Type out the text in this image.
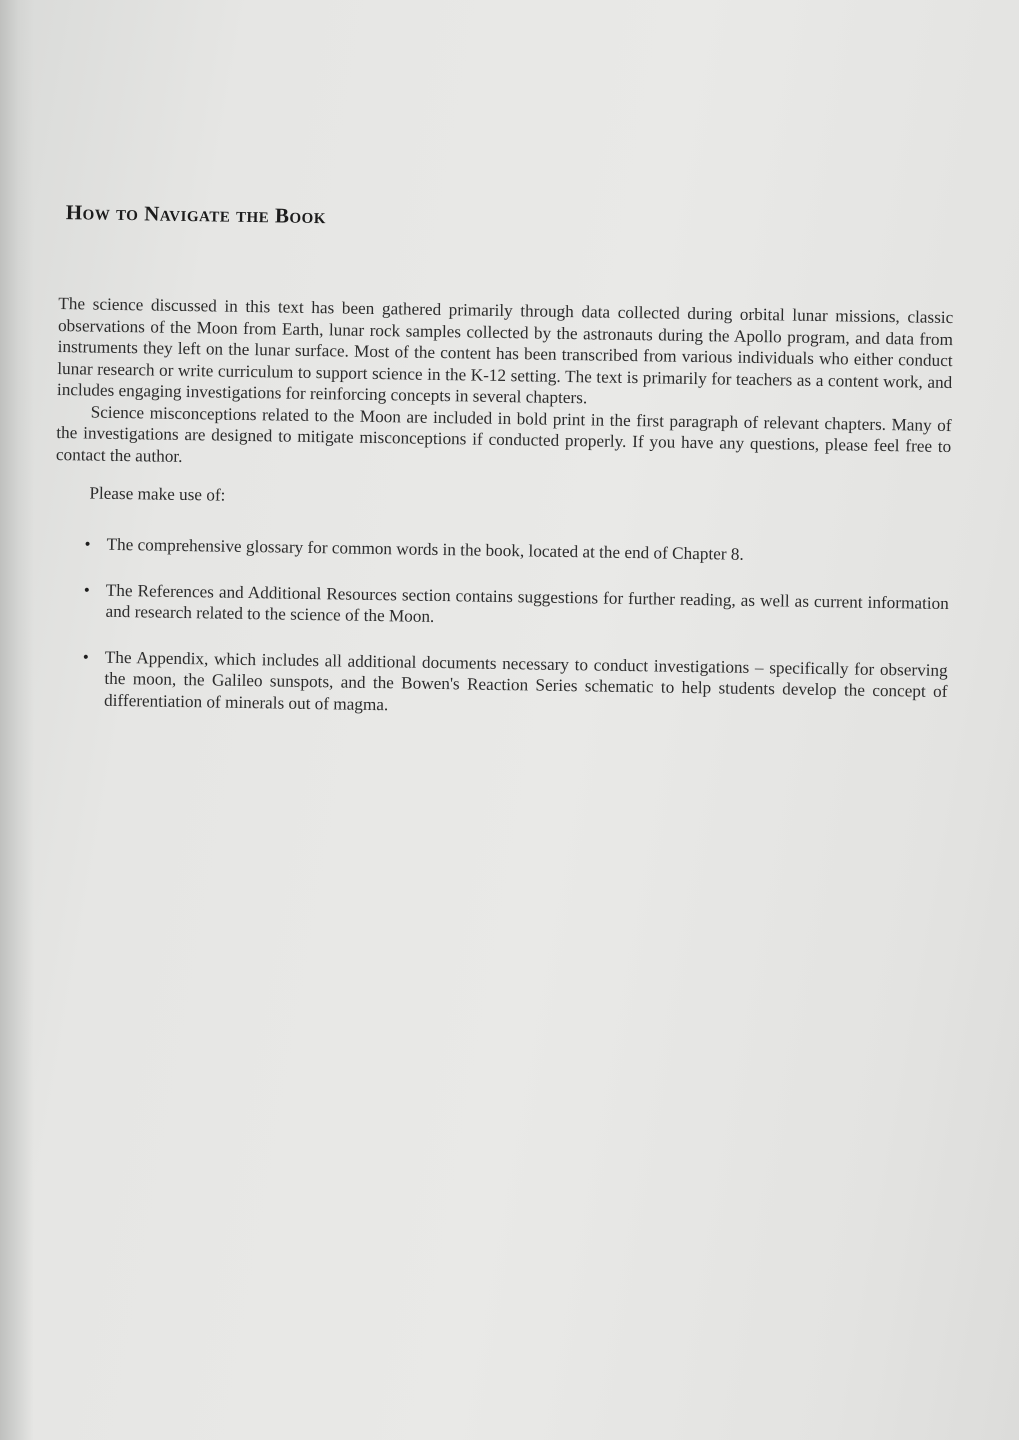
How to Navigate the Book

The science discussed in this text has been gathered primarily through data collected during orbital lunar missions, classic observations of the Moon from Earth, lunar rock samples collected by the astronauts during the Apollo program, and data from instruments they left on the lunar surface. Most of the content has been transcribed from various individuals who either conduct lunar research or write curriculum to support science in the K-12 setting. The text is primarily for teachers as a content work, and includes engaging investigations for reinforcing concepts in several chapters.

Science misconceptions related to the Moon are included in bold print in the first paragraph of relevant chapters. Many of the investigations are designed to mitigate misconceptions if conducted properly. If you have any questions, please feel free to contact the author.

Please make use of:

• The comprehensive glossary for common words in the book, located at the end of Chapter 8.
• The References and Additional Resources section contains suggestions for further reading, as well as current information and research related to the science of the Moon.
• The Appendix, which includes all additional documents necessary to conduct investigations – specifically for observing the moon, the Galileo sunspots, and the Bowen's Reaction Series schematic to help students develop the concept of differentiation of minerals out of magma.
